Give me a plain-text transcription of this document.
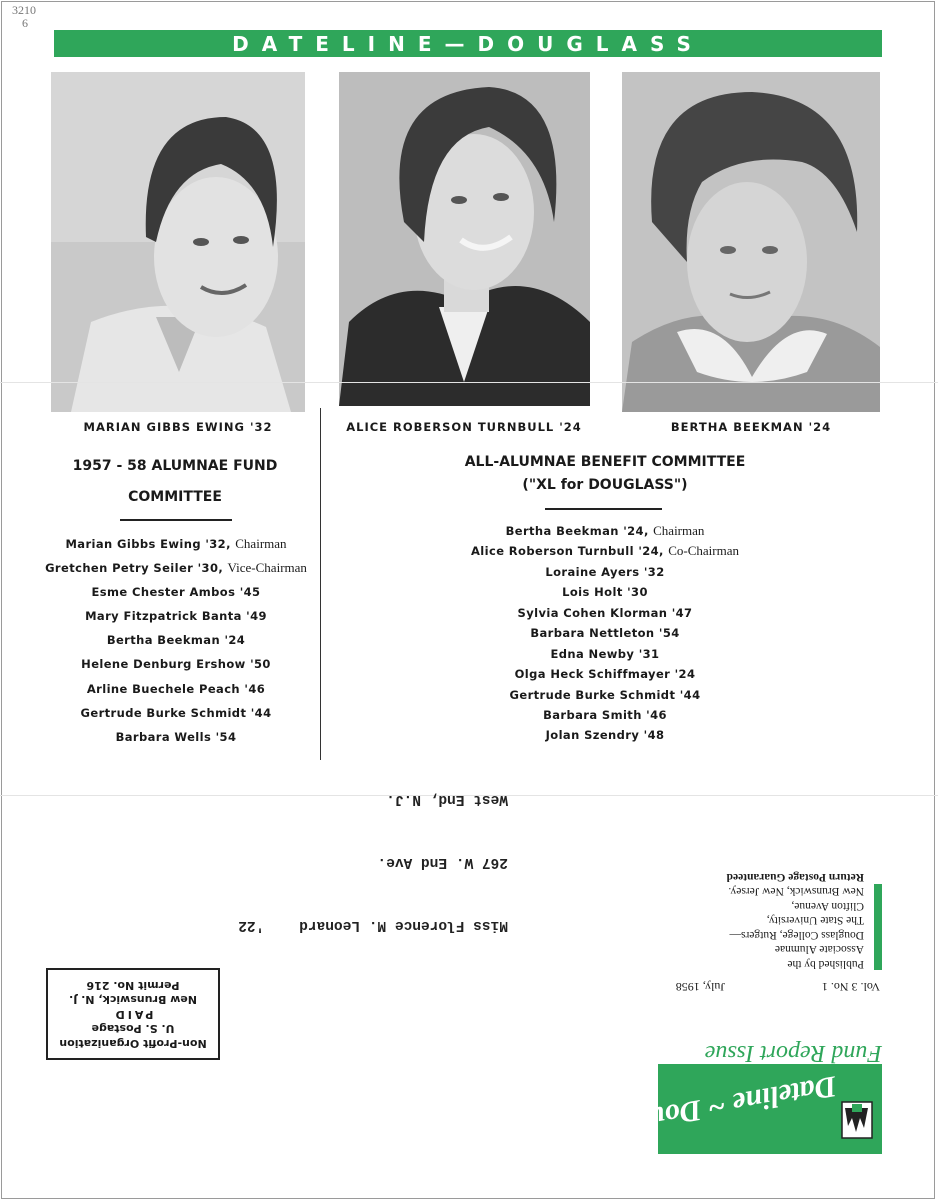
3210
6
DATELINE—DOUGLASS
MARIAN GIBBS EWING '32	ALICE ROBERSON TURNBULL '24	BERTHA BEEKMAN '24
1957 - 58 ALUMNAE FUND
COMMITTEE
Marian Gibbs Ewing '32, Chairman
Gretchen Petry Seiler '30, Vice-Chairman
Esme Chester Ambos '45
Mary Fitzpatrick Banta '49
Bertha Beekman '24
Helene Denburg Ershow '50
Arline Buechele Peach '46
Gertrude Burke Schmidt '44
Barbara Wells '54
ALL-ALUMNAE BENEFIT COMMITTEE
("XL for DOUGLASS")
Bertha Beekman '24, Chairman
Alice Roberson Turnbull '24, Co-Chairman
Loraine Ayers '32
Lois Holt '30
Sylvia Cohen Klorman '47
Barbara Nettleton '54
Edna Newby '31
Olga Heck Schiffmayer '24
Gertrude Burke Schmidt '44
Barbara Smith '46
Jolan Szendry '48
Non-Profit Organization
U. S. Postage
PAID
New Brunswick, N. J.
Permit No. 216

Miss Florence M. Leonard    '22

267 W. End Ave.

West End, N.J.

Dateline ~ Douglass
Fund Report Issue
Vol. 3 No. 1
July, 1958
Published by the
Associate Alumnae
Douglass College, Rutgers—
The State University,
Clifton Avenue,
New Brunswick, New Jersey.
Return Postage Guaranteed
